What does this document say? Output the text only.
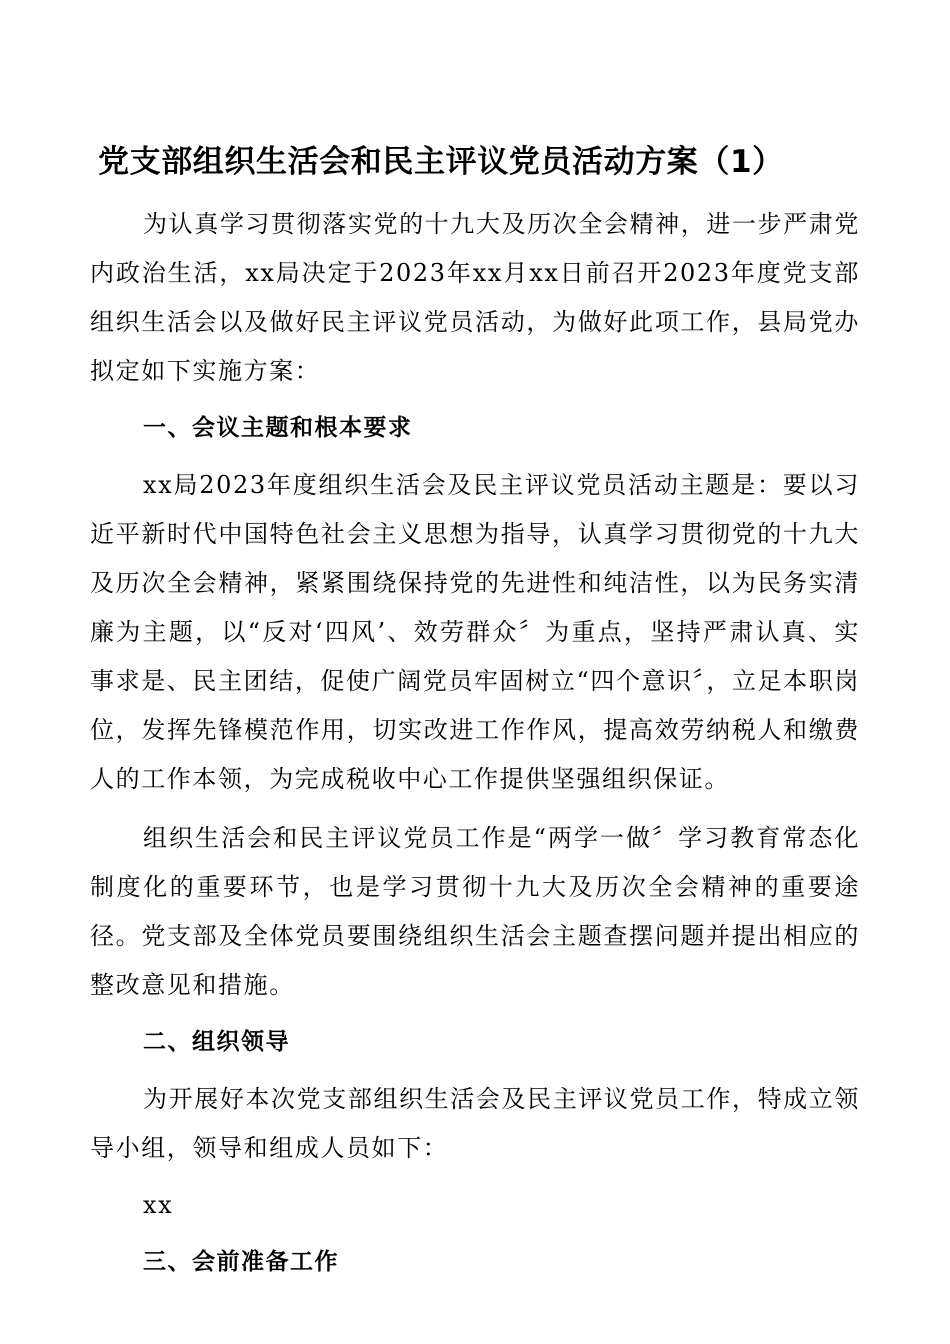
党支部组织生活会和民主评议党员活动方案（1）

为认真学习贯彻落实党的十九大及历次全会精神，进一步严肃党内政治生活，xx局决定于2023年xx月xx日前召开2023年度党支部组织生活会以及做好民主评议党员活动，为做好此项工作，县局党办拟定如下实施方案：

一、会议主题和根本要求

xx局2023年度组织生活会及民主评议党员活动主题是：要以习近平新时代中国特色社会主义思想为指导，认真学习贯彻党的十九大及历次全会精神，紧紧围绕保持党的先进性和纯洁性，以为民务实清廉为主题，以“反对‘四风’、效劳群众〞为重点，坚持严肃认真、实事求是、民主团结，促使广阔党员牢固树立“四个意识〞，立足本职岗位，发挥先锋模范作用，切实改进工作作风，提高效劳纳税人和缴费人的工作本领，为完成税收中心工作提供坚强组织保证。

组织生活会和民主评议党员工作是“两学一做〞学习教育常态化制度化的重要环节，也是学习贯彻十九大及历次全会精神的重要途径。党支部及全体党员要围绕组织生活会主题查摆问题并提出相应的整改意见和措施。

二、组织领导

为开展好本次党支部组织生活会及民主评议党员工作，特成立领导小组，领导和组成人员如下：

xx

三、会前准备工作
